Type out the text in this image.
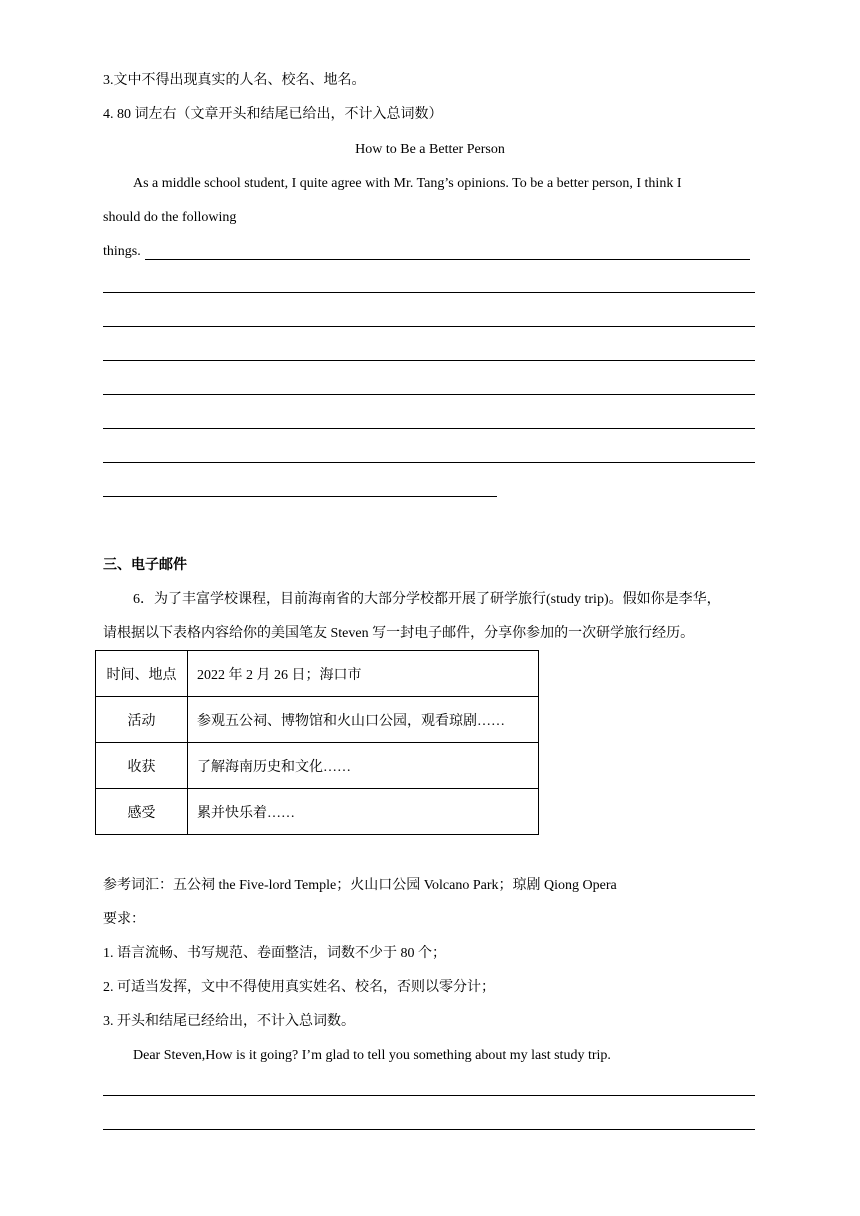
3.文中不得出现真实的人名、校名、地名。
4. 80 词左右（文章开头和结尾已给出，不计入总词数）
How to Be a Better Person
As a middle school student, I quite agree with Mr. Tang’s opinions. To be a better person, I think I
should do the following
things.
三、电子邮件
6．为了丰富学校课程，目前海南省的大部分学校都开展了研学旅行(study trip)。假如你是李华，
请根据以下表格内容给你的美国笔友 Steven 写一封电子邮件，分享你参加的一次研学旅行经历。
时间、地点	2022 年 2 月 26 日；海口市
活动	参观五公祠、博物馆和火山口公园，观看琼剧……
收获	了解海南历史和文化……
感受	累并快乐着……
参考词汇：五公祠 the Five-lord Temple；火山口公园 Volcano Park；琼剧 Qiong Opera
要求：
1. 语言流畅、书写规范、卷面整洁，词数不少于 80 个；
2. 可适当发挥，文中不得使用真实姓名、校名，否则以零分计；
3. 开头和结尾已经给出，不计入总词数。
Dear Steven,How is it going? I’m glad to tell you something about my last study trip.
